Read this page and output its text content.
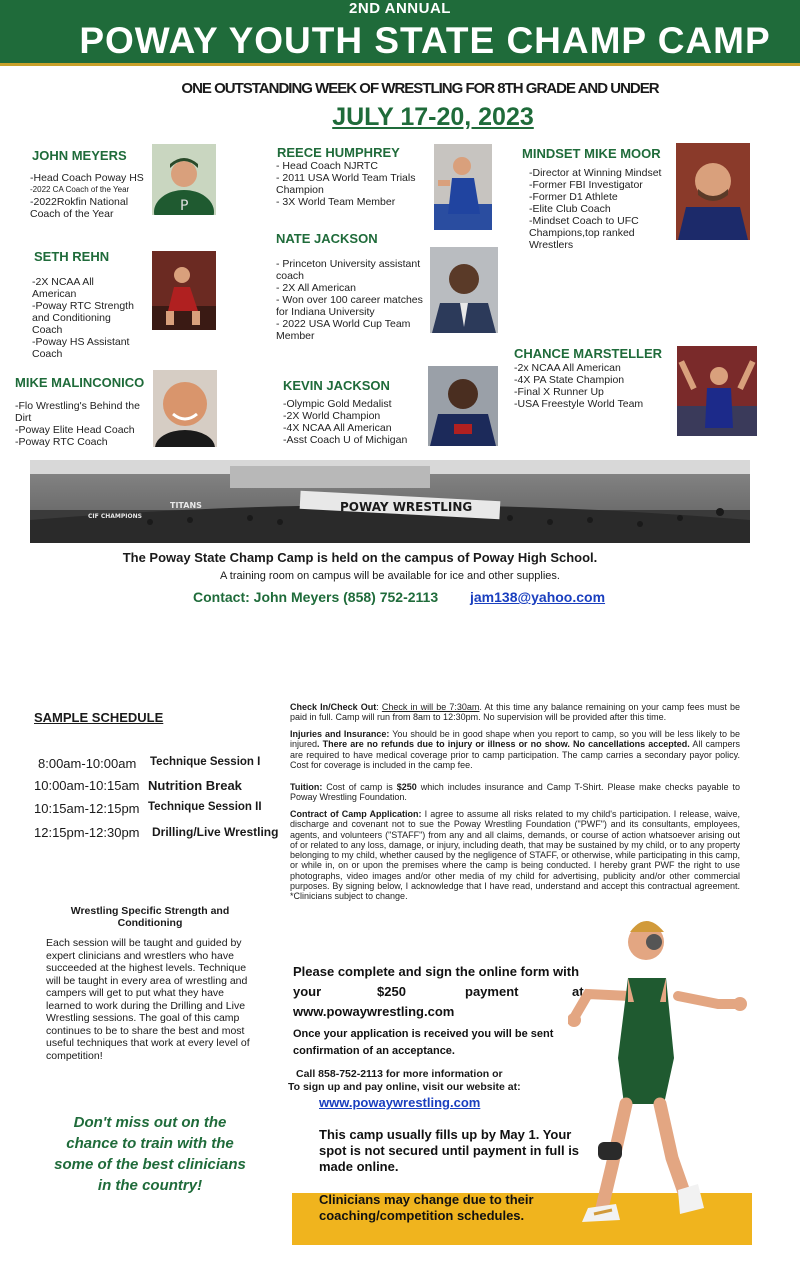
2ND ANNUAL
POWAY YOUTH STATE CHAMP CAMP
ONE OUTSTANDING WEEK OF WRESTLING FOR 8TH GRADE AND UNDER
JULY 17-20, 2023
JOHN MEYERS
-Head Coach Poway HS
-2022 CA Coach of the Year
-2022Rokfin National Coach of the Year	P
SETH REHN
-2X NCAA All American
-Poway RTC Strength and Conditioning Coach
-Poway HS Assistant Coach
MIKE MALINCONICO
-Flo Wrestling's Behind the Dirt
-Poway Elite Head Coach
-Poway RTC Coach
REECE HUMPHREY
- Head Coach NJRTC
- 2011 USA World Team Trials Champion
- 3X World Team Member
NATE JACKSON
- Princeton University assistant coach
- 2X All American
- Won over 100 career matches for Indiana University
- 2022 USA World Cup Team Member
KEVIN JACKSON
-Olympic Gold Medalist
-2X World Champion
-4X NCAA All American
-Asst Coach U of Michigan
MINDSET MIKE MOOR
-Director at Winning Mindset
-Former FBI Investigator
-Former D1 Athlete
-Elite Club Coach
-Mindset Coach to UFC Champions,top ranked Wrestlers
CHANCE MARSTELLER
-2x NCAA All American
-4X PA State Champion
-Final X Runner Up
-USA Freestyle World Team
POWAY WRESTLING
TITANS
CIF CHAMPIONS
The Poway State Champ Camp is held on the campus of Poway High School.
A training room on campus will be available for ice and other supplies.
Contact: John Meyers (858) 752-2113 jam138@yahoo.com
SAMPLE SCHEDULE
8:00am-10:00am Technique Session I
10:00am-10:15am Nutrition Break
10:15am-12:15pm Technique Session II
12:15pm-12:30pm Drilling/Live Wrestling
Wrestling Specific Strength and Conditioning
Each session will be taught and guided by expert clinicians and wrestlers who have succeeded at the highest levels. Technique will be taught in every area of wrestling and campers will get to put what they have learned to work during the Drilling and Live Wrestling sessions. The goal of this camp continues to be to share the best and most useful techniques that work at every level of competition!
Don't miss out on the chance to train with the some of the best clinicians in the country!
Check In/Check Out: Check in will be 7:30am. At this time any balance remaining on your camp fees must be paid in full. Camp will run from 8am to 12:30pm. No supervision will be provided after this time.
Injuries and Insurance: You should be in good shape when you report to camp, so you will be less likely to be injured. There are no refunds due to injury or illness or no show. No cancellations accepted. All campers are required to have medical coverage prior to camp participation. The camp carries a secondary payor policy. Cost for coverage is included in the camp fee.
Tuition: Cost of camp is $250 which includes insurance and Camp T-Shirt. Please make checks payable to Poway Wrestling Foundation.
Contract of Camp Application: I agree to assume all risks related to my child's participation. I release, waive, discharge and covenant not to sue the Poway Wrestling Foundation ("PWF") and its consultants, employees, agents, and volunteers ("STAFF") from any and all claims, demands, or course of action whatsoever arising out of or related to any loss, damage, or injury, including death, that may be sustained by my child, or to any property belonging to my child, whether caused by the negligence of STAFF, or otherwise, while participating in this camp, or while in, on or upon the premises where the camp is being conducted. I hereby grant PWF the right to use photographs, video images and/or other media of my child for advertising, publicity and/or other commercial purposes. By signing below, I acknowledge that I have read, understand and accept this contractual agreement. *Clinicians subject to change.
Please complete and sign the online form with
your	$250	payment	at
www.powaywrestling.com
Once your application is received you will be sent confirmation of an acceptance.
Call 858-752-2113 for more information or
To sign up and pay online, visit our website at:
www.powaywrestling.com
This camp usually fills up by May 1. Your spot is not secured until payment in full is made online.
Clinicians may change due to their coaching/competition schedules.
